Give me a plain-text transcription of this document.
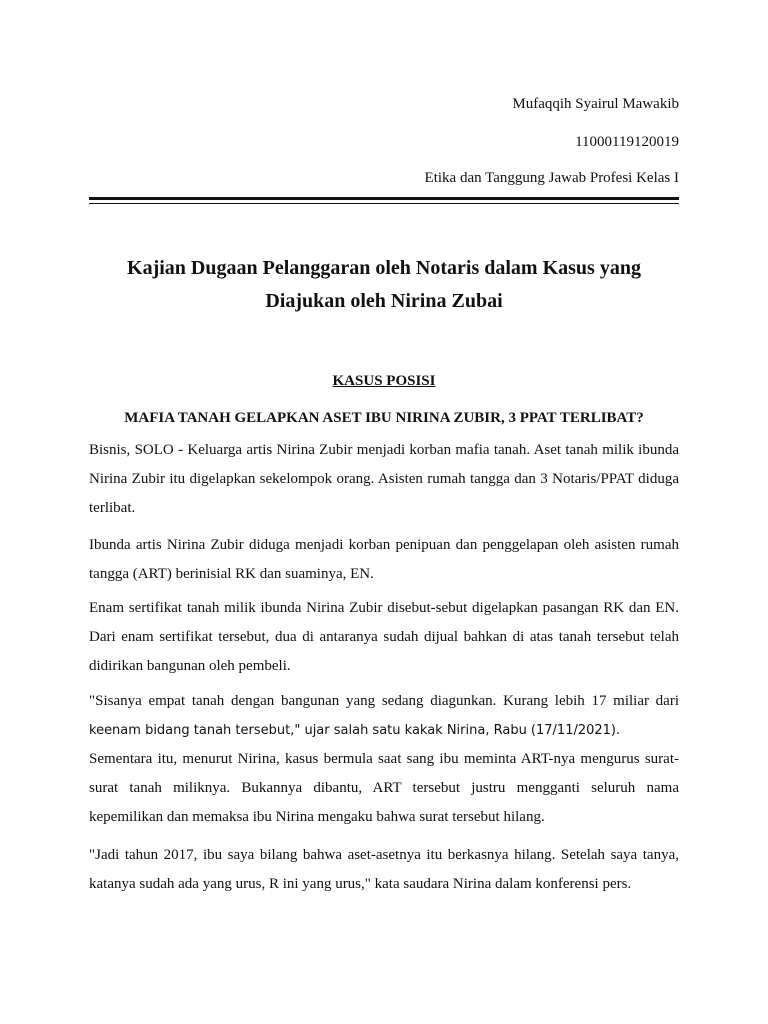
Mufaqqih Syairul Mawakib
11000119120019
Etika dan Tanggung Jawab Profesi Kelas I
Kajian Dugaan Pelanggaran oleh Notaris dalam Kasus yang
Diajukan oleh Nirina Zubai
KASUS POSISI
MAFIA TANAH GELAPKAN ASET IBU NIRINA ZUBIR, 3 PPAT TERLIBAT?
Bisnis, SOLO - Keluarga artis Nirina Zubir menjadi korban mafia tanah. Aset tanah milik ibunda Nirina Zubir itu digelapkan sekelompok orang. Asisten rumah tangga dan 3 Notaris/PPAT diduga terlibat.
Ibunda artis Nirina Zubir diduga menjadi korban penipuan dan penggelapan oleh asisten rumah tangga (ART) berinisial RK dan suaminya, EN.
Enam sertifikat tanah milik ibunda Nirina Zubir disebut-sebut digelapkan pasangan RK dan EN. Dari enam sertifikat tersebut, dua di antaranya sudah dijual bahkan di atas tanah tersebut telah didirikan bangunan oleh pembeli.
"Sisanya empat tanah dengan bangunan yang sedang diagunkan. Kurang lebih 17 miliar dari keenam bidang tanah tersebut," ujar salah satu kakak Nirina, Rabu (17/11/2021).
Sementara itu, menurut Nirina, kasus bermula saat sang ibu meminta ART-nya mengurus surat-surat tanah miliknya. Bukannya dibantu, ART tersebut justru mengganti seluruh nama kepemilikan dan memaksa ibu Nirina mengaku bahwa surat tersebut hilang.
"Jadi tahun 2017, ibu saya bilang bahwa aset-asetnya itu berkasnya hilang. Setelah saya tanya, katanya sudah ada yang urus, R ini yang urus," kata saudara Nirina dalam konferensi pers.
